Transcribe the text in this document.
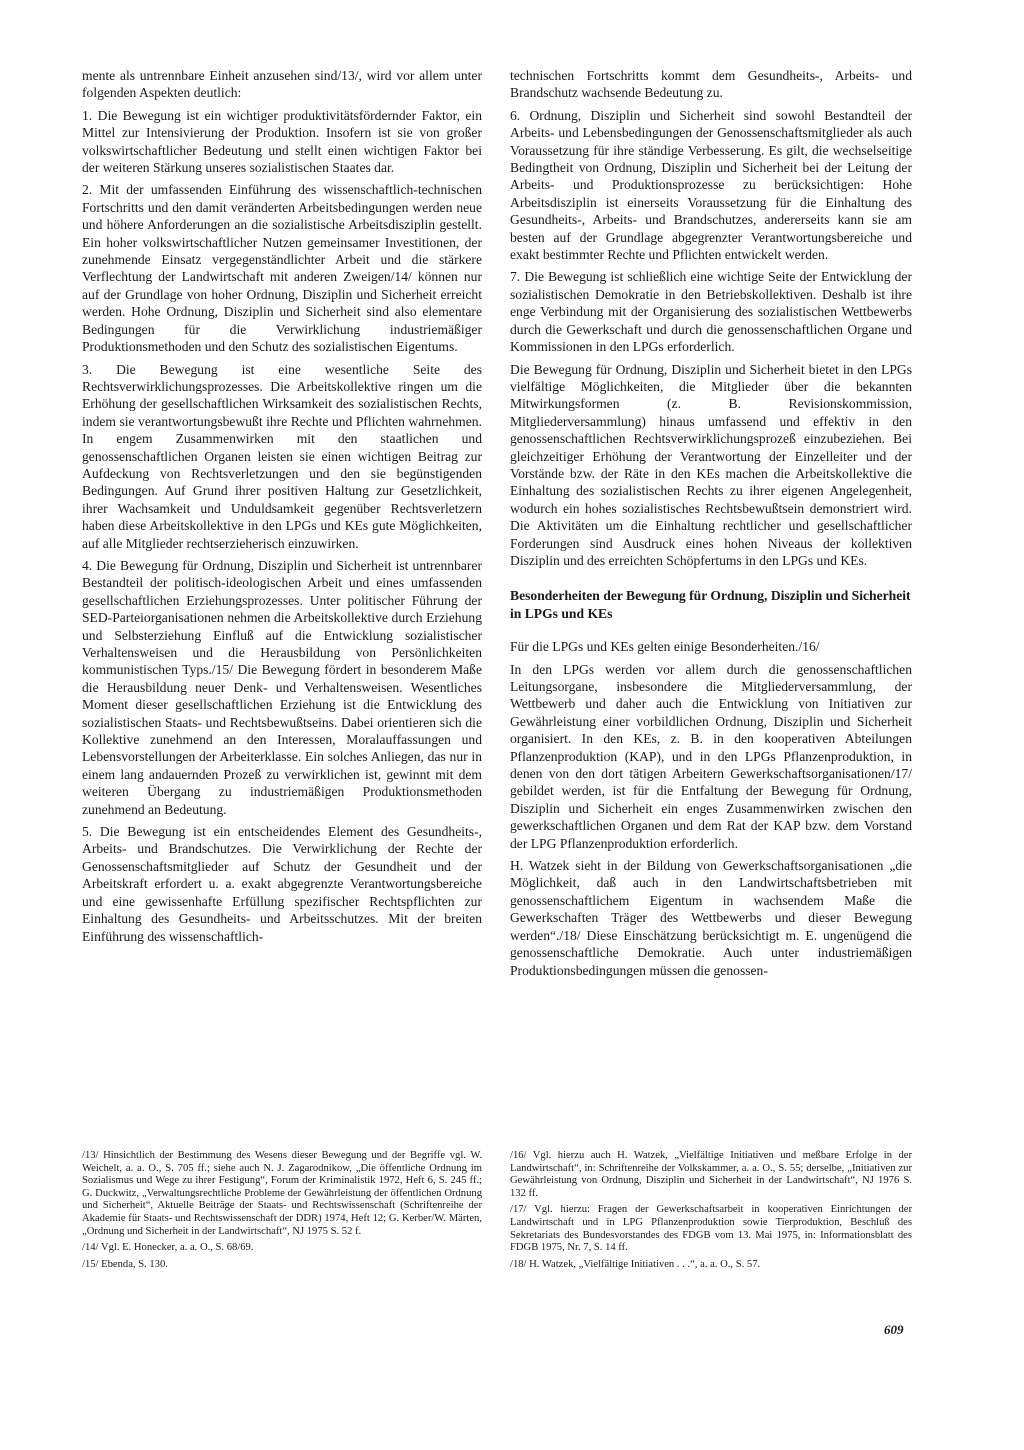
mente als untrennbare Einheit anzusehen sind/13/, wird vor allem unter folgenden Aspekten deutlich:

1. Die Bewegung ist ein wichtiger produktivitätsfördernder Faktor, ein Mittel zur Intensivierung der Produktion. Insofern ist sie von großer volkswirtschaftlicher Bedeutung und stellt einen wichtigen Faktor bei der weiteren Stärkung unseres sozialistischen Staates dar.

2. Mit der umfassenden Einführung des wissenschaftlich-technischen Fortschritts und den damit veränderten Arbeitsbedingungen werden neue und höhere Anforderungen an die sozialistische Arbeitsdisziplin gestellt. Ein hoher volkswirtschaftlicher Nutzen gemeinsamer Investitionen, der zunehmende Einsatz vergegenständlichter Arbeit und die stärkere Verflechtung der Landwirtschaft mit anderen Zweigen/14/ können nur auf der Grundlage von hoher Ordnung, Disziplin und Sicherheit erreicht werden. Hohe Ordnung, Disziplin und Sicherheit sind also elementare Bedingungen für die Verwirklichung industriemäßiger Produktionsmethoden und den Schutz des sozialistischen Eigentums.

3. Die Bewegung ist eine wesentliche Seite des Rechtsverwirklichungsprozesses. Die Arbeitskollektive ringen um die Erhöhung der gesellschaftlichen Wirksamkeit des sozialistischen Rechts, indem sie verantwortungsbewußt ihre Rechte und Pflichten wahrnehmen. In engem Zusammenwirken mit den staatlichen und genossenschaftlichen Organen leisten sie einen wichtigen Beitrag zur Aufdeckung von Rechtsverletzungen und den sie begünstigenden Bedingungen. Auf Grund ihrer positiven Haltung zur Gesetzlichkeit, ihrer Wachsamkeit und Unduldsamkeit gegenüber Rechtsverletzern haben diese Arbeitskollektive in den LPGs und KEs gute Möglichkeiten, auf alle Mitglieder rechtserzieherisch einzuwirken.

4. Die Bewegung für Ordnung, Disziplin und Sicherheit ist untrennbarer Bestandteil der politisch-ideologischen Arbeit und eines umfassenden gesellschaftlichen Erziehungsprozesses. Unter politischer Führung der SED-Parteiorganisationen nehmen die Arbeitskollektive durch Erziehung und Selbsterziehung Einfluß auf die Entwicklung sozialistischer Verhaltensweisen und die Herausbildung von Persönlichkeiten kommunistischen Typs./15/ Die Bewegung fördert in besonderem Maße die Herausbildung neuer Denk- und Verhaltensweisen. Wesentliches Moment dieser gesellschaftlichen Erziehung ist die Entwicklung des sozialistischen Staats- und Rechtsbewußtseins. Dabei orientieren sich die Kollektive zunehmend an den Interessen, Moralauffassungen und Lebensvorstellungen der Arbeiterklasse. Ein solches Anliegen, das nur in einem lang andauernden Prozeß zu verwirklichen ist, gewinnt mit dem weiteren Übergang zu industriemäßigen Produktionsmethoden zunehmend an Bedeutung.

5. Die Bewegung ist ein entscheidendes Element des Gesundheits-, Arbeits- und Brandschutzes. Die Verwirklichung der Rechte der Genossenschaftsmitglieder auf Schutz der Gesundheit und der Arbeitskraft erfordert u. a. exakt abgegrenzte Verantwortungsbereiche und eine gewissenhafte Erfüllung spezifischer Rechtspflichten zur Einhaltung des Gesundheits- und Arbeitsschutzes. Mit der breiten Einführung des wissenschaftlich-

technischen Fortschritts kommt dem Gesundheits-, Arbeits- und Brandschutz wachsende Bedeutung zu.

6. Ordnung, Disziplin und Sicherheit sind sowohl Bestandteil der Arbeits- und Lebensbedingungen der Genossenschaftsmitglieder als auch Voraussetzung für ihre ständige Verbesserung. Es gilt, die wechselseitige Bedingtheit von Ordnung, Disziplin und Sicherheit bei der Leitung der Arbeits- und Produktionsprozesse zu berücksichtigen: Hohe Arbeitsdisziplin ist einerseits Voraussetzung für die Einhaltung des Gesundheits-, Arbeits- und Brandschutzes, andererseits kann sie am besten auf der Grundlage abgegrenzter Verantwortungsbereiche und exakt bestimmter Rechte und Pflichten entwickelt werden.

7. Die Bewegung ist schließlich eine wichtige Seite der Entwicklung der sozialistischen Demokratie in den Betriebskollektiven. Deshalb ist ihre enge Verbindung mit der Organisierung des sozialistischen Wettbewerbs durch die Gewerkschaft und durch die genossenschaftlichen Organe und Kommissionen in den LPGs erforderlich.

Die Bewegung für Ordnung, Disziplin und Sicherheit bietet in den LPGs vielfältige Möglichkeiten, die Mitglieder über die bekannten Mitwirkungsformen (z. B. Revisionskommission, Mitgliederversammlung) hinaus umfassend und effektiv in den genossenschaftlichen Rechtsverwirklichungsprozeß einzubeziehen. Bei gleichzeitiger Erhöhung der Verantwortung der Einzelleiter und der Vorstände bzw. der Räte in den KEs machen die Arbeitskollektive die Einhaltung des sozialistischen Rechts zu ihrer eigenen Angelegenheit, wodurch ein hohes sozialistisches Rechtsbewußtsein demonstriert wird. Die Aktivitäten um die Einhaltung rechtlicher und gesellschaftlicher Forderungen sind Ausdruck eines hohen Niveaus der kollektiven Disziplin und des erreichten Schöpfertums in den LPGs und KEs.

Besonderheiten der Bewegung für Ordnung, Disziplin und Sicherheit in LPGs und KEs

Für die LPGs und KEs gelten einige Besonderheiten./16/

In den LPGs werden vor allem durch die genossenschaftlichen Leitungsorgane, insbesondere die Mitgliederversammlung, der Wettbewerb und daher auch die Entwicklung von Initiativen zur Gewährleistung einer vorbildlichen Ordnung, Disziplin und Sicherheit organisiert. In den KEs, z. B. in den kooperativen Abteilungen Pflanzenproduktion (KAP), und in den LPGs Pflanzenproduktion, in denen von den dort tätigen Arbeitern Gewerkschaftsorganisationen/17/ gebildet werden, ist für die Entfaltung der Bewegung für Ordnung, Disziplin und Sicherheit ein enges Zusammenwirken zwischen den gewerkschaftlichen Organen und dem Rat der KAP bzw. dem Vorstand der LPG Pflanzenproduktion erforderlich.

H. Watzek sieht in der Bildung von Gewerkschaftsorganisationen „die Möglichkeit, daß auch in den Landwirtschaftsbetrieben mit genossenschaftlichem Eigentum in wachsendem Maße die Gewerkschaften Träger des Wettbewerbs und dieser Bewegung werden“./18/ Diese Einschätzung berücksichtigt m. E. ungenügend die genossenschaftliche Demokratie. Auch unter industriemäßigen Produktionsbedingungen müssen die genossen-

/13/ Hinsichtlich der Bestimmung des Wesens dieser Bewegung und der Begriffe vgl. W. Weichelt, a. a. O., S. 705 ff.; siehe auch N. J. Zagarodnikow, „Die öffentliche Ordnung im Sozialismus und Wege zu ihrer Festigung“, Forum der Kriminalistik 1972, Heft 6, S. 245 ff.; G. Duckwitz, „Verwaltungsrechtliche Probleme der Gewährleistung der öffentlichen Ordnung und Sicherheit“, Aktuelle Beiträge der Staats- und Rechtswissenschaft (Schriftenreihe der Akademie für Staats- und Rechtswissenschaft der DDR) 1974, Heft 12; G. Kerber/W. Märten, „Ordnung und Sicherheit in der Landwirtschaft“, NJ 1975 S. 52 f.

/14/ Vgl. E. Honecker, a. a. O., S. 68/69.

/15/ Ebenda, S. 130.

/16/ Vgl. hierzu auch H. Watzek, „Vielfältige Initiativen und meßbare Erfolge in der Landwirtschaft“, in: Schriftenreihe der Volkskammer, a. a. O., S. 55; derselbe, „Initiativen zur Gewährleistung von Ordnung, Disziplin und Sicherheit in der Landwirtschaft“, NJ 1976 S. 132 ff.

/17/ Vgl. hierzu: Fragen der Gewerkschaftsarbeit in kooperativen Einrichtungen der Landwirtschaft und in LPG Pflanzenproduktion sowie Tierproduktion, Beschluß des Sekretariats des Bundesvorstandes des FDGB vom 13. Mai 1975, in: Informationsblatt des FDGB 1975, Nr. 7, S. 14 ff.

/18/ H. Watzek, „Vielfältige Initiativen . . .“, a. a. O., S. 57.

609
